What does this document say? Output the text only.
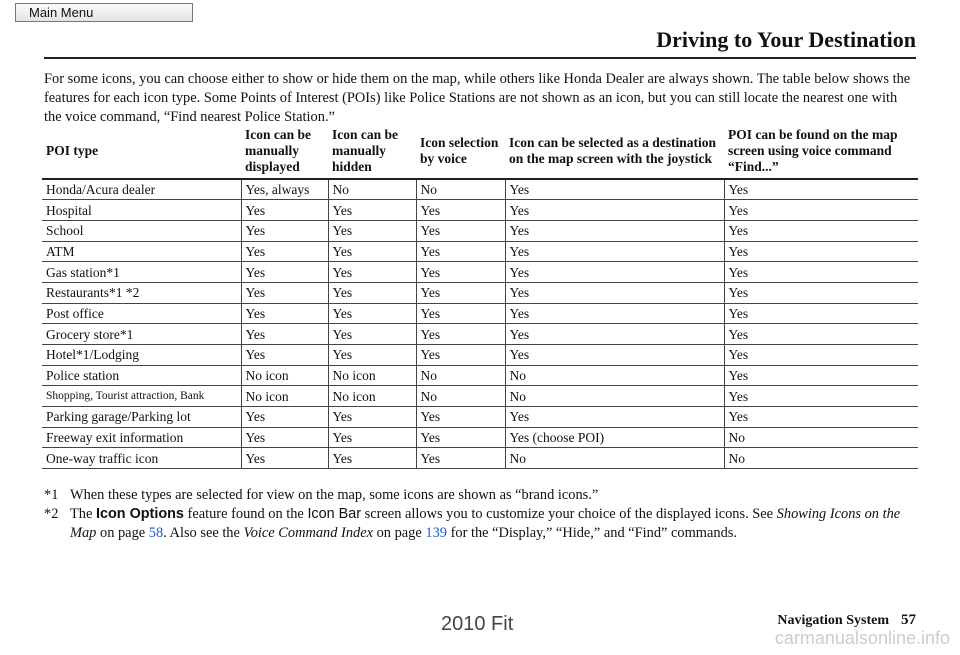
Main Menu
Driving to Your Destination

For some icons, you can choose either to show or hide them on the map, while others like Honda Dealer are always shown. The table below shows the features for each icon type. Some Points of Interest (POIs) like Police Stations are not shown as an icon, but you can still locate the nearest one with the voice command, “Find nearest Police Station.”

POI type	Icon can be manually displayed	Icon can be manually hidden	Icon selection by voice	Icon can be selected as a destination on the map screen with the joystick	POI can be found on the map screen using voice command “Find...”
Honda/Acura dealer	Yes, always	No	No	Yes	Yes
Hospital	Yes	Yes	Yes	Yes	Yes
School	Yes	Yes	Yes	Yes	Yes
ATM	Yes	Yes	Yes	Yes	Yes
Gas station*1	Yes	Yes	Yes	Yes	Yes
Restaurants*1 *2	Yes	Yes	Yes	Yes	Yes
Post office	Yes	Yes	Yes	Yes	Yes
Grocery store*1	Yes	Yes	Yes	Yes	Yes
Hotel*1/Lodging	Yes	Yes	Yes	Yes	Yes
Police station	No icon	No icon	No	No	Yes
Shopping, Tourist attraction, Bank	No icon	No icon	No	No	Yes
Parking garage/Parking lot	Yes	Yes	Yes	Yes	Yes
Freeway exit information	Yes	Yes	Yes	Yes (choose POI)	No
One-way traffic icon	Yes	Yes	Yes	No	No
*1 When these types are selected for view on the map, some icons are shown as “brand icons.”
*2 The Icon Options feature found on the Icon Bar screen allows you to customize your choice of the displayed icons. See Showing Icons on the Map on page 58. Also see the Voice Command Index on page 139 for the “Display,” “Hide,” and “Find” commands.
2010 Fit	Navigation System 57
carmanualsonline.info
